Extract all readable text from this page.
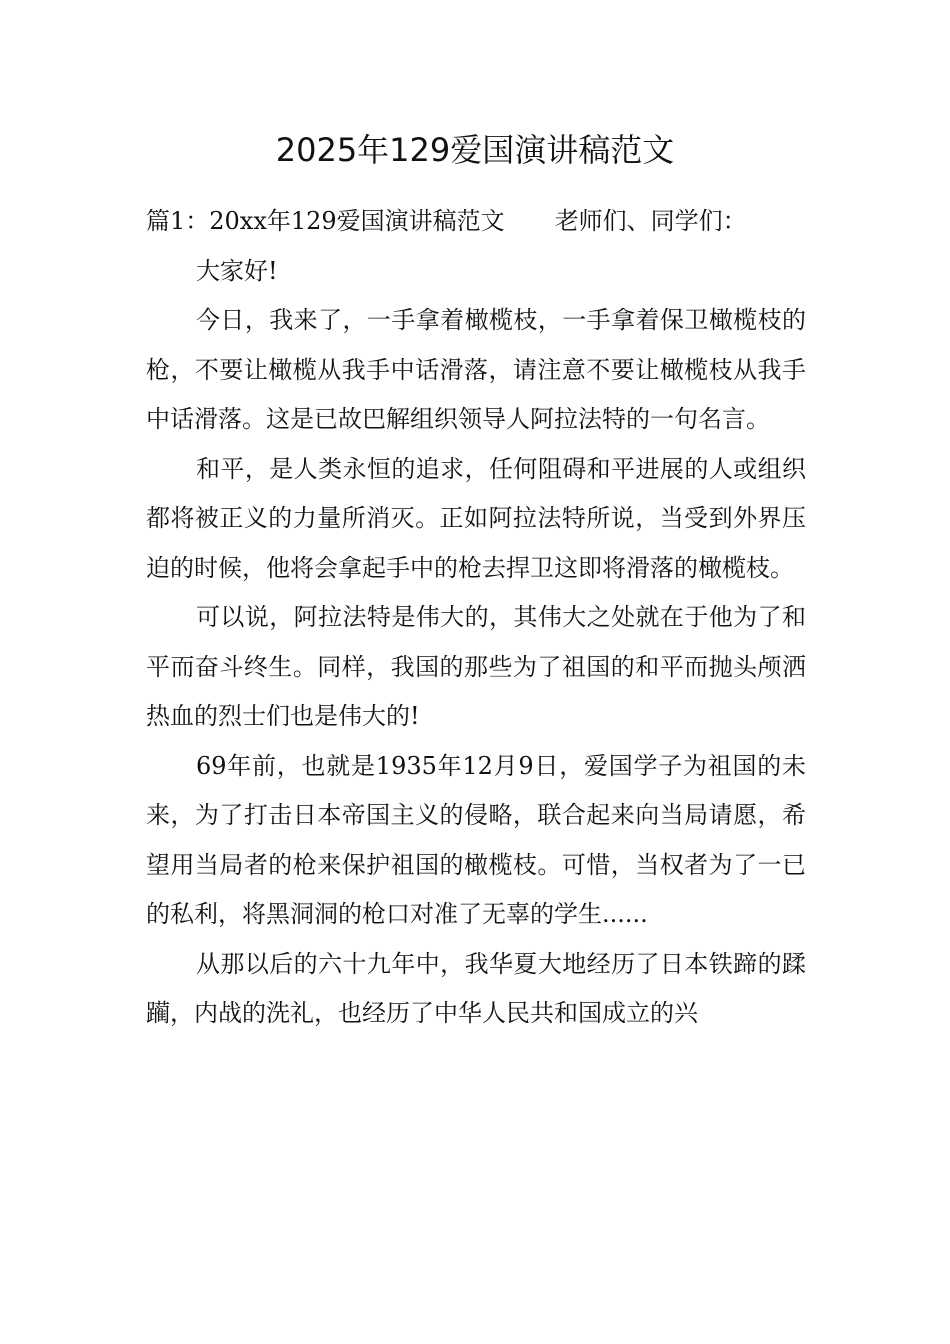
2025年129爱国演讲稿范文
篇1：20xx年129爱国演讲稿范文 老师们、同学们：

大家好!

今日，我来了，一手拿着橄榄枝，一手拿着保卫橄榄枝的枪，不要让橄榄从我手中话滑落，请注意不要让橄榄枝从我手中话滑落。这是已故巴解组织领导人阿拉法特的一句名言。

和平，是人类永恒的追求，任何阻碍和平进展的人或组织都将被正义的力量所消灭。正如阿拉法特所说，当受到外界压迫的时候，他将会拿起手中的枪去捍卫这即将滑落的橄榄枝。

可以说，阿拉法特是伟大的，其伟大之处就在于他为了和平而奋斗终生。同样，我国的那些为了祖国的和平而抛头颅洒热血的烈士们也是伟大的!

69年前，也就是1935年12月9日，爱国学子为祖国的未来，为了打击日本帝国主义的侵略，联合起来向当局请愿，希望用当局者的枪来保护祖国的橄榄枝。可惜，当权者为了一已的私利，将黑洞洞的枪口对准了无辜的学生......

从那以后的六十九年中，我华夏大地经历了日本铁蹄的蹂躏，内战的洗礼，也经历了中华人民共和国成立的兴
